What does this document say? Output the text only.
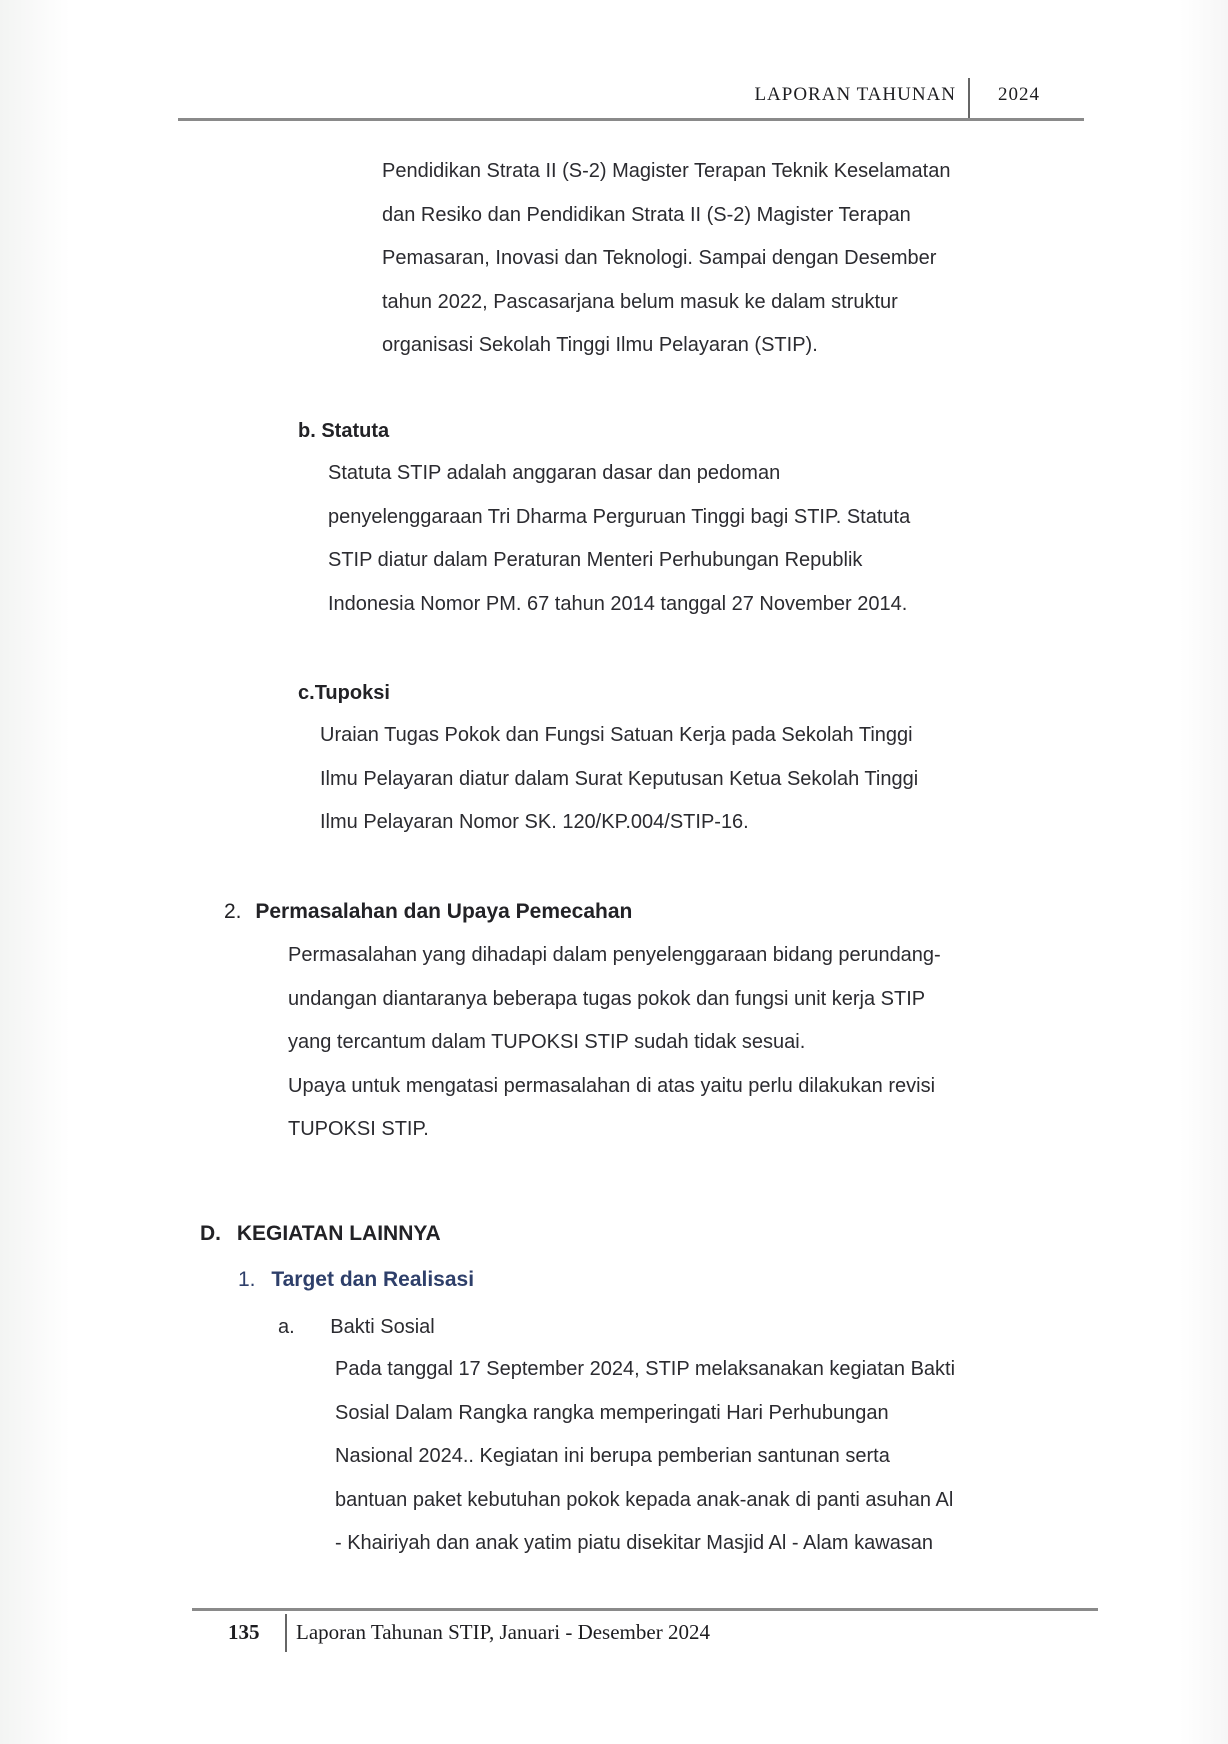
LAPORAN TAHUNAN 2024
Pendidikan Strata II (S-2) Magister Terapan Teknik Keselamatan
dan Resiko dan Pendidikan Strata II (S-2) Magister Terapan
Pemasaran, Inovasi dan Teknologi. Sampai dengan Desember
tahun 2022, Pascasarjana belum masuk ke dalam struktur
organisasi Sekolah Tinggi Ilmu Pelayaran (STIP).
b. Statuta
Statuta STIP adalah anggaran dasar dan pedoman
penyelenggaraan Tri Dharma Perguruan Tinggi bagi STIP. Statuta
STIP diatur dalam Peraturan Menteri Perhubungan Republik
Indonesia Nomor PM. 67 tahun 2014 tanggal 27 November 2014.
c.Tupoksi
Uraian Tugas Pokok dan Fungsi Satuan Kerja pada Sekolah Tinggi
Ilmu Pelayaran diatur dalam Surat Keputusan Ketua Sekolah Tinggi
Ilmu Pelayaran Nomor SK. 120/KP.004/STIP-16.
2. Permasalahan dan Upaya Pemecahan
Permasalahan yang dihadapi dalam penyelenggaraan bidang perundang-
undangan diantaranya beberapa tugas pokok dan fungsi unit kerja STIP
yang tercantum dalam TUPOKSI STIP sudah tidak sesuai.
Upaya untuk mengatasi permasalahan di atas yaitu perlu dilakukan revisi
TUPOKSI STIP.
D. KEGIATAN LAINNYA
1. Target dan Realisasi
a. Bakti Sosial
Pada tanggal 17 September 2024, STIP melaksanakan kegiatan Bakti
Sosial Dalam Rangka rangka memperingati Hari Perhubungan
Nasional 2024.. Kegiatan ini berupa pemberian santunan serta
bantuan paket kebutuhan pokok kepada anak-anak di panti asuhan Al
- Khairiyah dan anak yatim piatu disekitar Masjid Al - Alam kawasan
135 Laporan Tahunan STIP, Januari - Desember 2024
